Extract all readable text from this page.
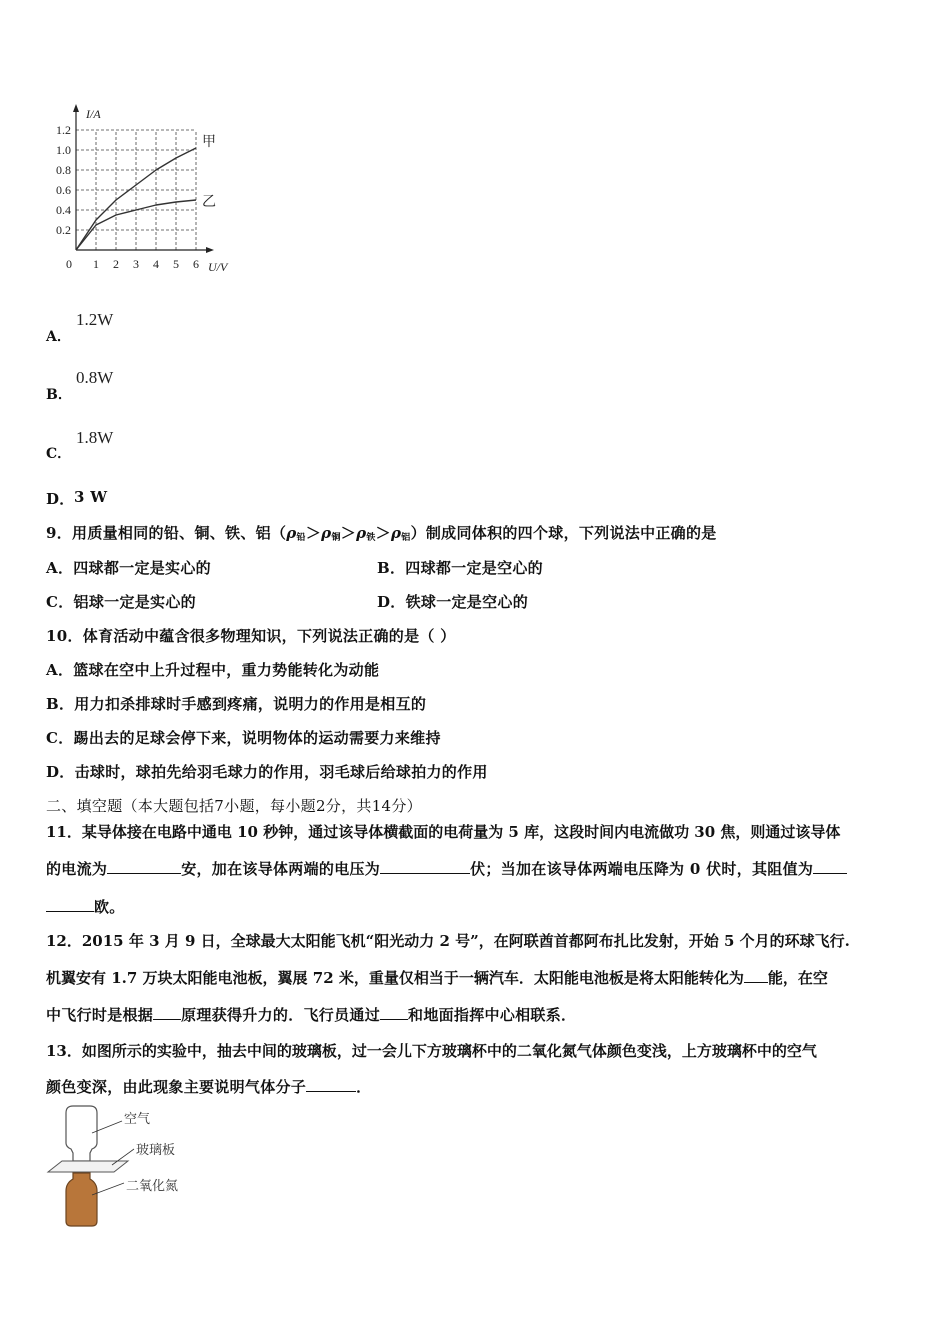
0 1 2 3 4 5 6
0.2
0.4
0.6
0.8
1.0
1.2
I/A
U/V
甲
乙
A．
1.2W
B．
0.8W
C．
1.8W
D． 3 W
9．用质量相同的铅、铜、铁、铝$(\rho_铅>\rho_铜>\rho_铁>\rho_铝)$制成同体积的四个球，下列说法中正确的是
A．四球都一定是实心的	B．四球都一定是空心的
C．铝球一定是实心的	D．铁球一定是空心的
10．体育活动中蕴含很多物理知识，下列说法正确的是（ ）
A．篮球在空中上升过程中，重力势能转化为动能
B．用力扣杀排球时手感到疼痛，说明力的作用是相互的
C．踢出去的足球会停下来，说明物体的运动需要力来维持
D．击球时，球拍先给羽毛球力的作用，羽毛球后给球拍力的作用
二、填空题（本大题包括7小题，每小题2分，共14分）
11．某导体接在电路中通电 10 秒钟，通过该导体横截面的电荷量为 5 库，这段时间内电流做功 30 焦，则通过该导体
的电流为	安，加在该导体两端的电压为	伏；当加在该导体两端电压降为 0 伏时，其阻值为
欧。
12．2015 年 3 月 9 日，全球最大太阳能飞机“阳光动力 2 号”，在阿联酋首都阿布扎比发射，开始 5 个月的环球飞行.
机翼安有 1.7 万块太阳能电池板，翼展 72 米，重量仅相当于一辆汽车．太阳能电池板是将太阳能转化为 能，在空
中飞行时是根据 原理获得升力的．飞行员通过 和地面指挥中心相联系．
13．如图所示的实验中，抽去中间的玻璃板，过一会儿下方玻璃杯中的二氧化氮气体颜色变浅，上方玻璃杯中的空气
颜色变深，由此现象主要说明气体分子	．
空气
玻璃板
二氧化氮
